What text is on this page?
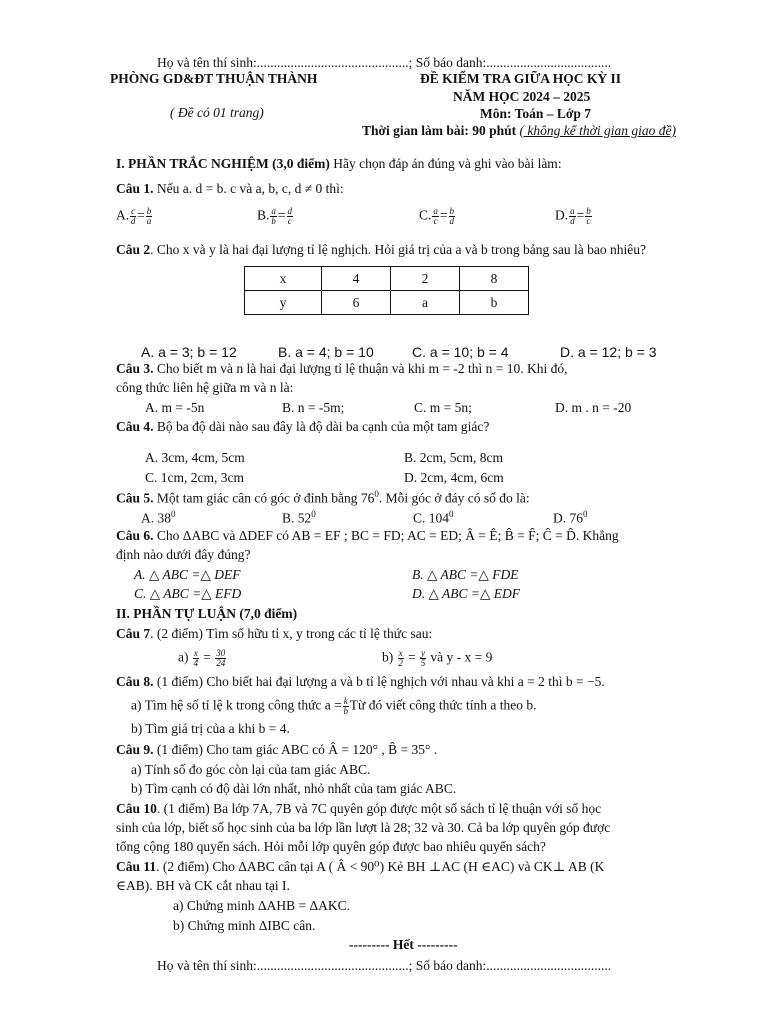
Họ và tên thí sinh:.............................................; Số báo danh:.....................................
PHÒNG GD&ĐT THUẬN THÀNH
( Đề có 01 trang)
ĐỀ KIỂM TRA GIỮA HỌC KỲ II
NĂM HỌC 2024 – 2025
Môn: Toán – Lớp 7
Thời gian làm bài: 90 phút ( không kể thời gian giao đề)
I. PHẦN TRẮC NGHIỆM (3,0 điểm) Hãy chọn đáp án đúng và ghi vào bài làm:
Câu 1. Nếu a. d = b. c và a, b, c, d ≠ 0 thì:
A. $\frac{c}{d} = \frac{b}{a}$	B. $\frac{a}{b} = \frac{d}{c}$	C. $\frac{a}{c} = \frac{b}{d}$	D. $\frac{a}{d} = \frac{b}{c}$
Câu 2. Cho x và y là hai đại lượng tỉ lệ nghịch. Hỏi giá trị của a và b trong bảng sau là bao nhiêu?
x	4	2	8
y	6	a	b
A. a = 3; b = 12	B. a = 4; b = 10	C. a = 10; b = 4	D. a = 12; b = 3
Câu 3. Cho biết m và n là hai đại lượng tỉ lệ thuận và khi m = -2 thì n = 10. Khi đó,
công thức liên hệ giữa m và n là:
A. m = -5n	B. n = -5m;	C. m = 5n;	D. m . n = -20
Câu 4. Bộ ba độ dài nào sau đây là độ dài ba cạnh của một tam giác?
A. 3cm, 4cm, 5cm	B. 2cm, 5cm, 8cm
C. 1cm, 2cm, 3cm	D. 2cm, 4cm, 6cm
Câu 5. Một tam giác cân có góc ở đỉnh bằng $76^0$. Mỗi góc ở đáy có số đo là:
A. $38^0$	B. $52^0$	C. $104^0$	D. $76^0$
Câu 6. Cho ΔABC và ΔDEF có AB = EF ; BC = FD; AC = ED; Â = Ê; B̂ = F̂; Ĉ = D̂. Khẳng
định nào dưới đây đúng?
A. △ ABC =△ DEF	B. △ ABC =△ FDE
C. △ ABC =△ EFD	D. △ ABC =△ EDF
II. PHẦN TỰ LUẬN (7,0 điểm)
Câu 7. (2 điểm) Tìm số hữu tỉ x, y trong các tỉ lệ thức sau:
$a) \frac{x}{4} = \frac{30}{24}$	$b) \frac{x}{2} = \frac{y}{5}$ và y - x = 9
Câu 8. (1 điểm) Cho biết hai đại lượng a và b tỉ lệ nghịch với nhau và khi a = 2 thì b = −5.
a) Tìm hệ số tỉ lệ k trong công thức $a = \frac{k}{b}$ Từ đó viết công thức tính a theo b.
b) Tìm giá trị của a khi b = 4.
Câu 9. (1 điểm) Cho tam giác ABC có Â = 120° , B̂ = 35° .
a) Tính số đo góc còn lại của tam giác ABC.
b) Tìm cạnh có độ dài lớn nhất, nhỏ nhất của tam giác ABC.
Câu 10. (1 điểm) Ba lớp 7A, 7B và 7C quyên góp được một số sách tỉ lệ thuận với số học
sinh của lớp, biết số học sinh của ba lớp lần lượt là 28; 32 và 30. Cả ba lớp quyên góp được
tổng cộng 180 quyển sách. Hỏi mỗi lớp quyên góp được bao nhiêu quyển sách?
Câu 11. (2 điểm) Cho ΔABC cân tại A ( Â < 90⁰) Kẻ BH ⊥AC (H ∈AC) và CK⊥ AB (K
∈AB). BH và CK cắt nhau tại I.
a) Chứng minh ΔAHB = ΔAKC.
b) Chứng minh ΔIBC cân.
--------- Hết ---------
Họ và tên thí sinh:.............................................; Số báo danh:.....................................
